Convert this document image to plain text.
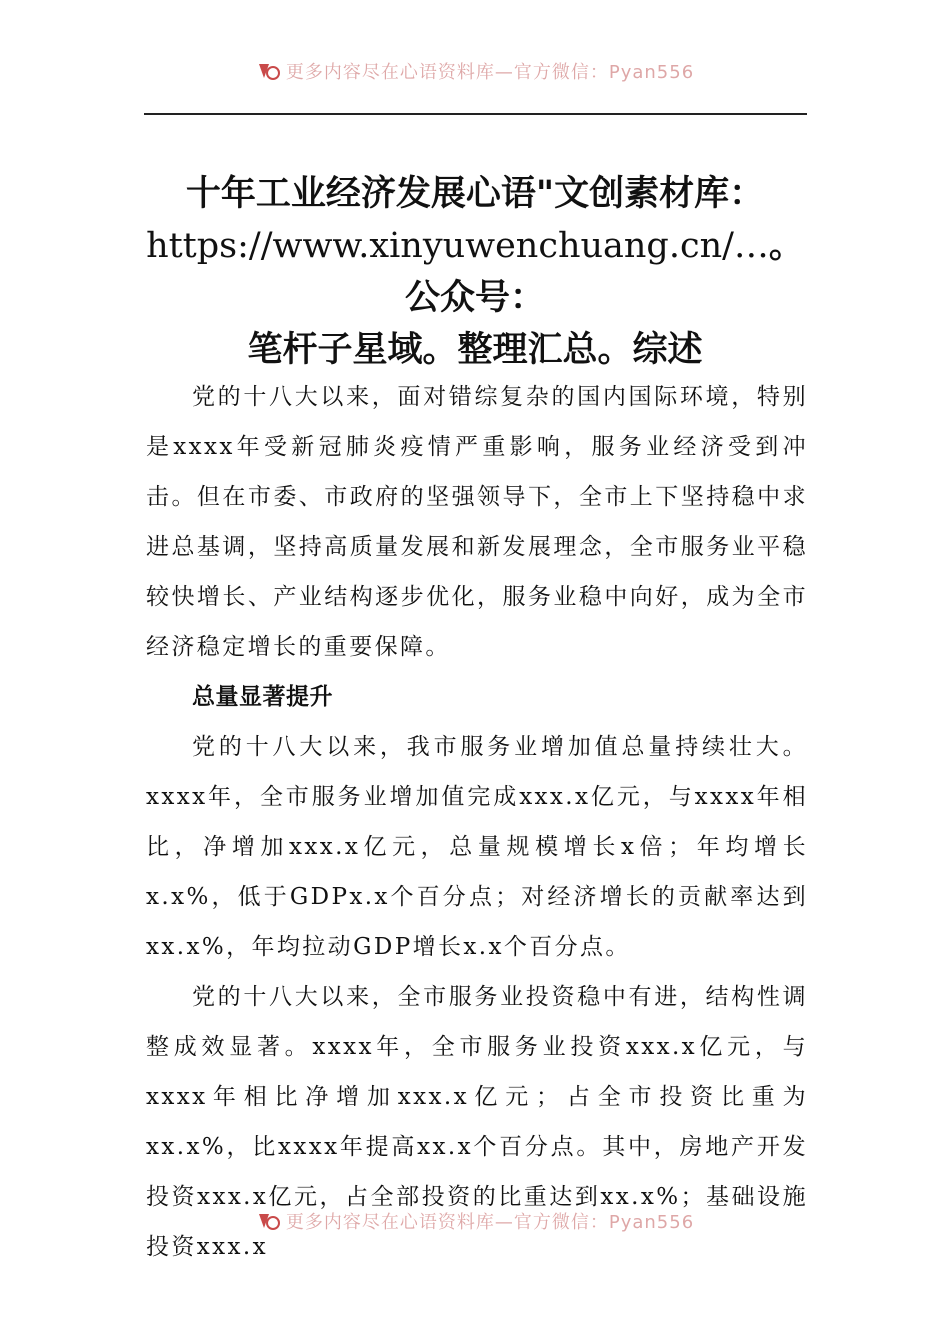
更多内容尽在心语资料库—官方微信：Pyan556
十年工业经济发展心语"文创素材库：
https://www.xinyuwenchuang.cn/…。公众号：
笔杆子星域。整理汇总。综述

党的十八大以来，面对错综复杂的国内国际环境，特别是xxxx年受新冠肺炎疫情严重影响，服务业经济受到冲击。但在市委、市政府的坚强领导下，全市上下坚持稳中求进总基调，坚持高质量发展和新发展理念，全市服务业平稳较快增长、产业结构逐步优化，服务业稳中向好，成为全市经济稳定增长的重要保障。

总量显著提升

党的十八大以来，我市服务业增加值总量持续壮大。xxxx年，全市服务业增加值完成xxx.x亿元，与xxxx年相比，净增加xxx.x亿元，总量规模增长x倍；年均增长x.x%，低于GDPx.x个百分点；对经济增长的贡献率达到xx.x%，年均拉动GDP增长x.x个百分点。

党的十八大以来，全市服务业投资稳中有进，结构性调整成效显著。xxxx年，全市服务业投资xxx.x亿元，与xxxx年相比净增加xxx.x亿元；占全市投资比重为xx.x%，比xxxx年提高xx.x个百分点。其中，房地产开发投资xxx.x亿元，占全部投资的比重达到xx.x%；基础设施投资xxx.x

更多内容尽在心语资料库—官方微信：Pyan556
